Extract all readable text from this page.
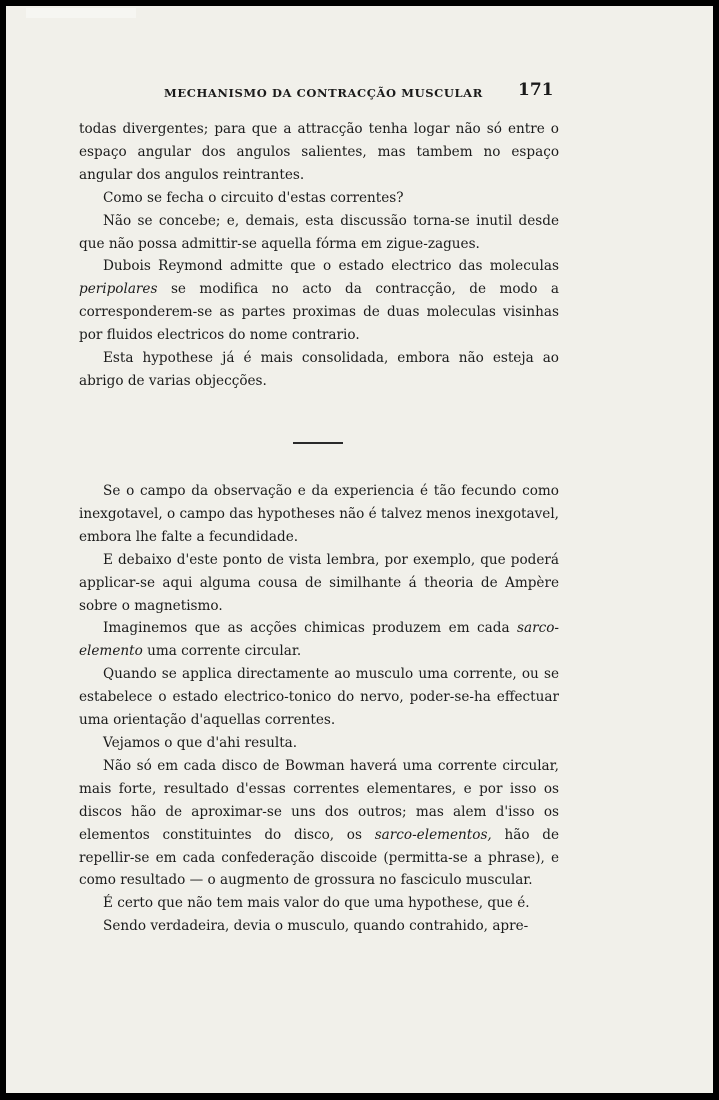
MECHANISMO DA CONTRACÇÃO MUSCULAR 171

todas divergentes; para que a attracção tenha logar não só entre o espaço angular dos angulos salientes, mas tambem no espaço angular dos angulos reintrantes.

Como se fecha o circuito d'estas correntes?

Não se concebe; e, demais, esta discussão torna-se inutil desde que não possa admittir-se aquella fórma em zigue-zagues.

Dubois Reymond admitte que o estado electrico das moleculas peripolares se modifica no acto da contracção, de modo a corresponderem-se as partes proximas de duas moleculas visinhas por fluidos electricos do nome contrario.

Esta hypothese já é mais consolidada, embora não esteja ao abrigo de varias objecções.

Se o campo da observação e da experiencia é tão fecundo como inexgotavel, o campo das hypotheses não é talvez menos inexgotavel, embora lhe falte a fecundidade.

E debaixo d'este ponto de vista lembra, por exemplo, que poderá applicar-se aqui alguma cousa de similhante á theoria de Ampère sobre o magnetismo.

Imaginemos que as acções chimicas produzem em cada sarco-elemento uma corrente circular.

Quando se applica directamente ao musculo uma corrente, ou se estabelece o estado electrico-tonico do nervo, poder-se-ha effectuar uma orientação d'aquellas correntes.

Vejamos o que d'ahi resulta.

Não só em cada disco de Bowman haverá uma corrente circular, mais forte, resultado d'essas correntes elementares, e por isso os discos hão de aproximar-se uns dos outros; mas alem d'isso os elementos constituintes do disco, os sarco-elementos, hão de repellir-se em cada confederação discoide (permitta-se a phrase), e como resultado — o augmento de grossura no fasciculo muscular.

É certo que não tem mais valor do que uma hypothese, que é.

Sendo verdadeira, devia o musculo, quando contrahido, apre-
